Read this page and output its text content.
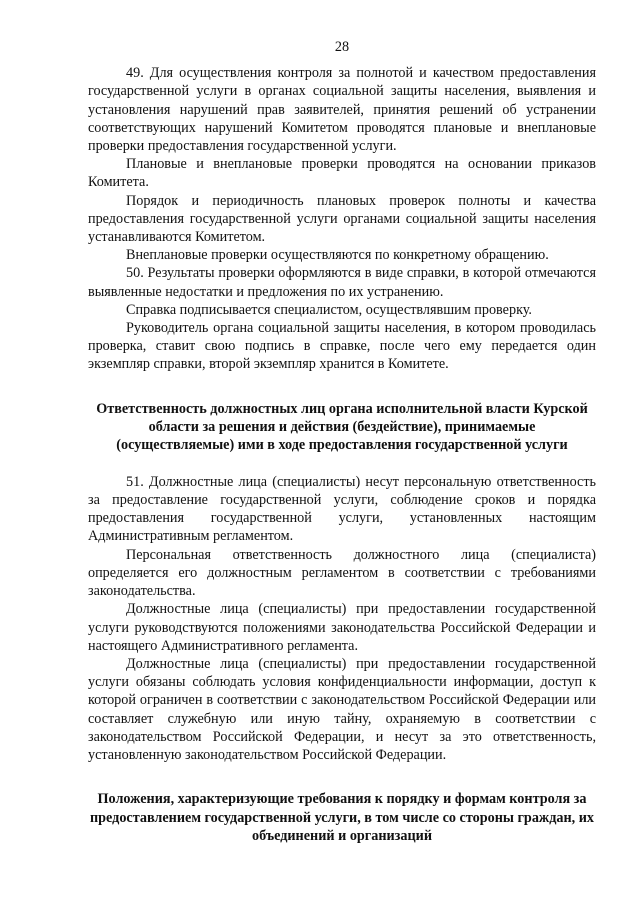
28

49. Для осуществления контроля за полнотой и качеством предоставления государственной услуги в органах социальной защиты населения, выявления и установления нарушений прав заявителей, принятия решений об устранении соответствующих нарушений Комитетом проводятся плановые и внеплановые проверки предоставления государственной услуги.

Плановые и внеплановые проверки проводятся на основании приказов Комитета.

Порядок и периодичность плановых проверок полноты и качества предоставления государственной услуги органами социальной защиты населения устанавливаются Комитетом.

Внеплановые проверки осуществляются по конкретному обращению.

50. Результаты проверки оформляются в виде справки, в которой отмечаются выявленные недостатки и предложения по их устранению.

Справка подписывается специалистом, осуществлявшим проверку.

Руководитель органа социальной защиты населения, в котором проводилась проверка, ставит свою подпись в справке, после чего ему передается один экземпляр справки, второй экземпляр хранится в Комитете.

Ответственность должностных лиц органа исполнительной власти Курской области за решения и действия (бездействие), принимаемые (осуществляемые) ими в ходе предоставления государственной услуги

51. Должностные лица (специалисты) несут персональную ответственность за предоставление государственной услуги, соблюдение сроков и порядка предоставления государственной услуги, установленных настоящим Административным регламентом.

Персональная ответственность должностного лица (специалиста) определяется его должностным регламентом в соответствии с требованиями законодательства.

Должностные лица (специалисты) при предоставлении государственной услуги руководствуются положениями законодательства Российской Федерации и настоящего Административного регламента.

Должностные лица (специалисты) при предоставлении государственной услуги обязаны соблюдать условия конфиденциальности информации, доступ к которой ограничен в соответствии с законодательством Российской Федерации или составляет служебную или иную тайну, охраняемую в соответствии с законодательством Российской Федерации, и несут за это ответственность, установленную законодательством Российской Федерации.

Положения, характеризующие требования к порядку и формам контроля за предоставлением государственной услуги, в том числе со стороны граждан, их объединений и организаций
